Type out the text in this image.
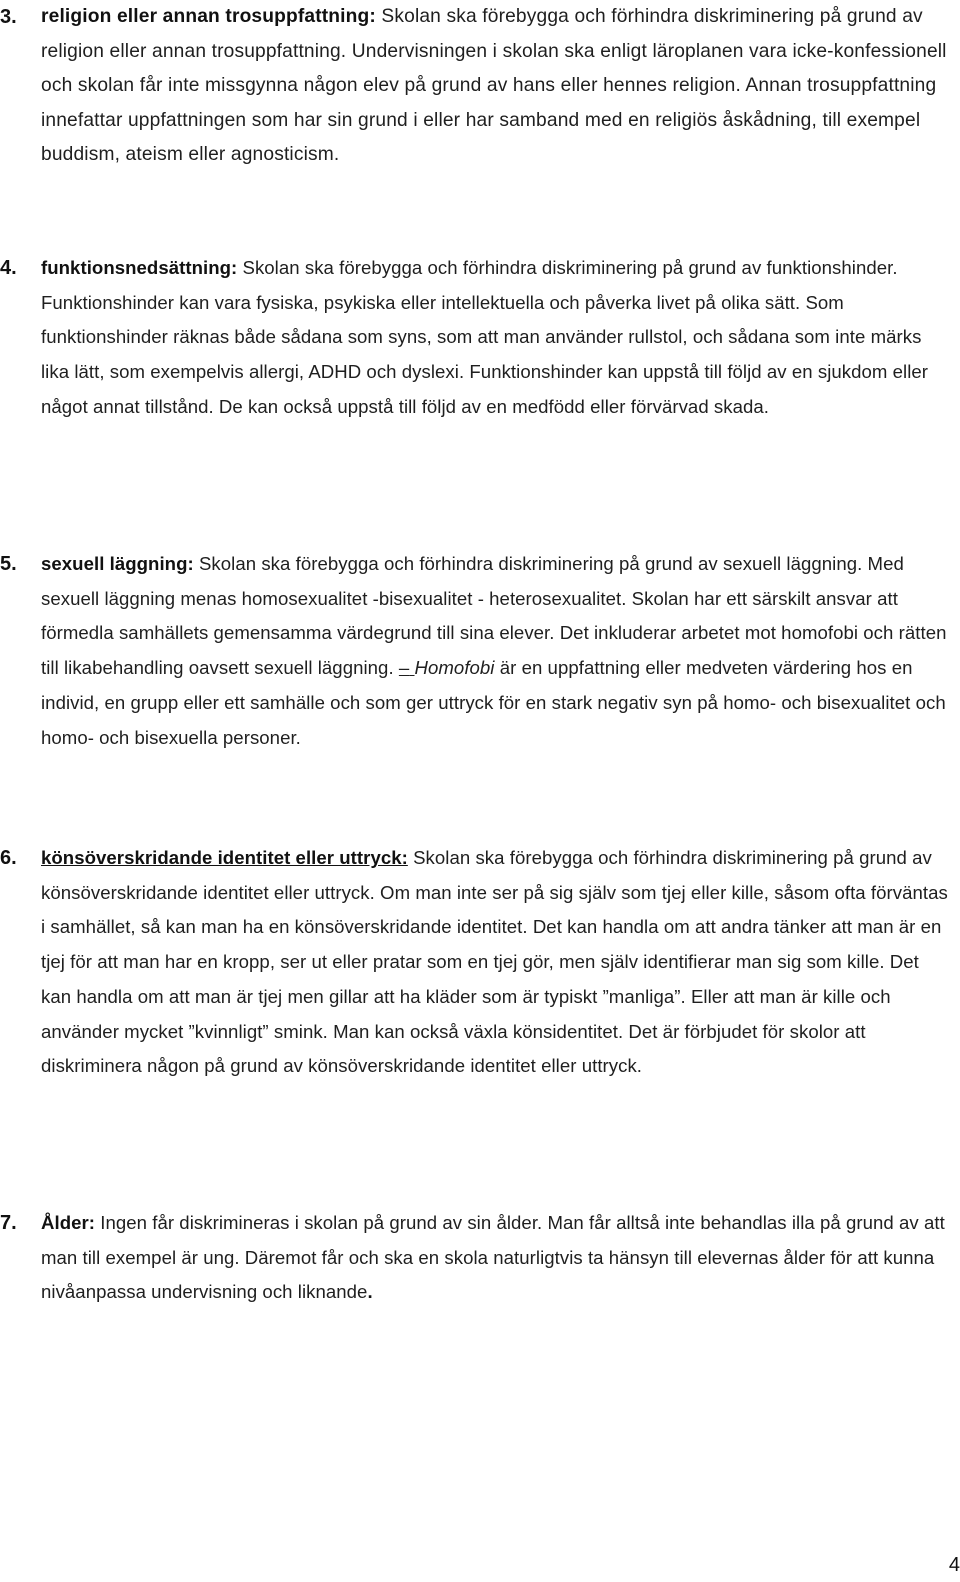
3. religion eller annan trosuppfattning: Skolan ska förebygga och förhindra diskriminering på grund av religion eller annan trosuppfattning. Undervisningen i skolan ska enligt läroplanen vara icke-konfessionell och skolan får inte missgynna någon elev på grund av hans eller hennes religion. Annan trosuppfattning innefattar uppfattningen som har sin grund i eller har samband med en religiös åskådning, till exempel buddism, ateism eller agnosticism.
4. funktionsnedsättning: Skolan ska förebygga och förhindra diskriminering på grund av funktionshinder. Funktionshinder kan vara fysiska, psykiska eller intellektuella och påverka livet på olika sätt. Som funktionshinder räknas både sådana som syns, som att man använder rullstol, och sådana som inte märks lika lätt, som exempelvis allergi, ADHD och dyslexi. Funktionshinder kan uppstå till följd av en sjukdom eller något annat tillstånd. De kan också uppstå till följd av en medfödd eller förvärvad skada.
5. sexuell läggning: Skolan ska förebygga och förhindra diskriminering på grund av sexuell läggning. Med sexuell läggning menas homosexualitet -bisexualitet - heterosexualitet. Skolan har ett särskilt ansvar att förmedla samhällets gemensamma värdegrund till sina elever. Det inkluderar arbetet mot homofobi och rätten till likabehandling oavsett sexuell läggning. – Homofobi är en uppfattning eller medveten värdering hos en individ, en grupp eller ett samhälle och som ger uttryck för en stark negativ syn på homo- och bisexualitet och homo- och bisexuella personer.
6. könsöverskridande identitet eller uttryck: Skolan ska förebygga och förhindra diskriminering på grund av könsöverskridande identitet eller uttryck. Om man inte ser på sig själv som tjej eller kille, såsom ofta förväntas i samhället, så kan man ha en könsöverskridande identitet. Det kan handla om att andra tänker att man är en tjej för att man har en kropp, ser ut eller pratar som en tjej gör, men själv identifierar man sig som kille. Det kan handla om att man är tjej men gillar att ha kläder som är typiskt ”manliga”. Eller att man är kille och använder mycket ”kvinnligt” smink. Man kan också växla könsidentitet. Det är förbjudet för skolor att diskriminera någon på grund av könsöverskridande identitet eller uttryck.
7. Ålder: Ingen får diskrimineras i skolan på grund av sin ålder. Man får alltså inte behandlas illa på grund av att man till exempel är ung. Däremot får och ska en skola naturligtvis ta hänsyn till elevernas ålder för att kunna nivåanpassa undervisning och liknande.
4
